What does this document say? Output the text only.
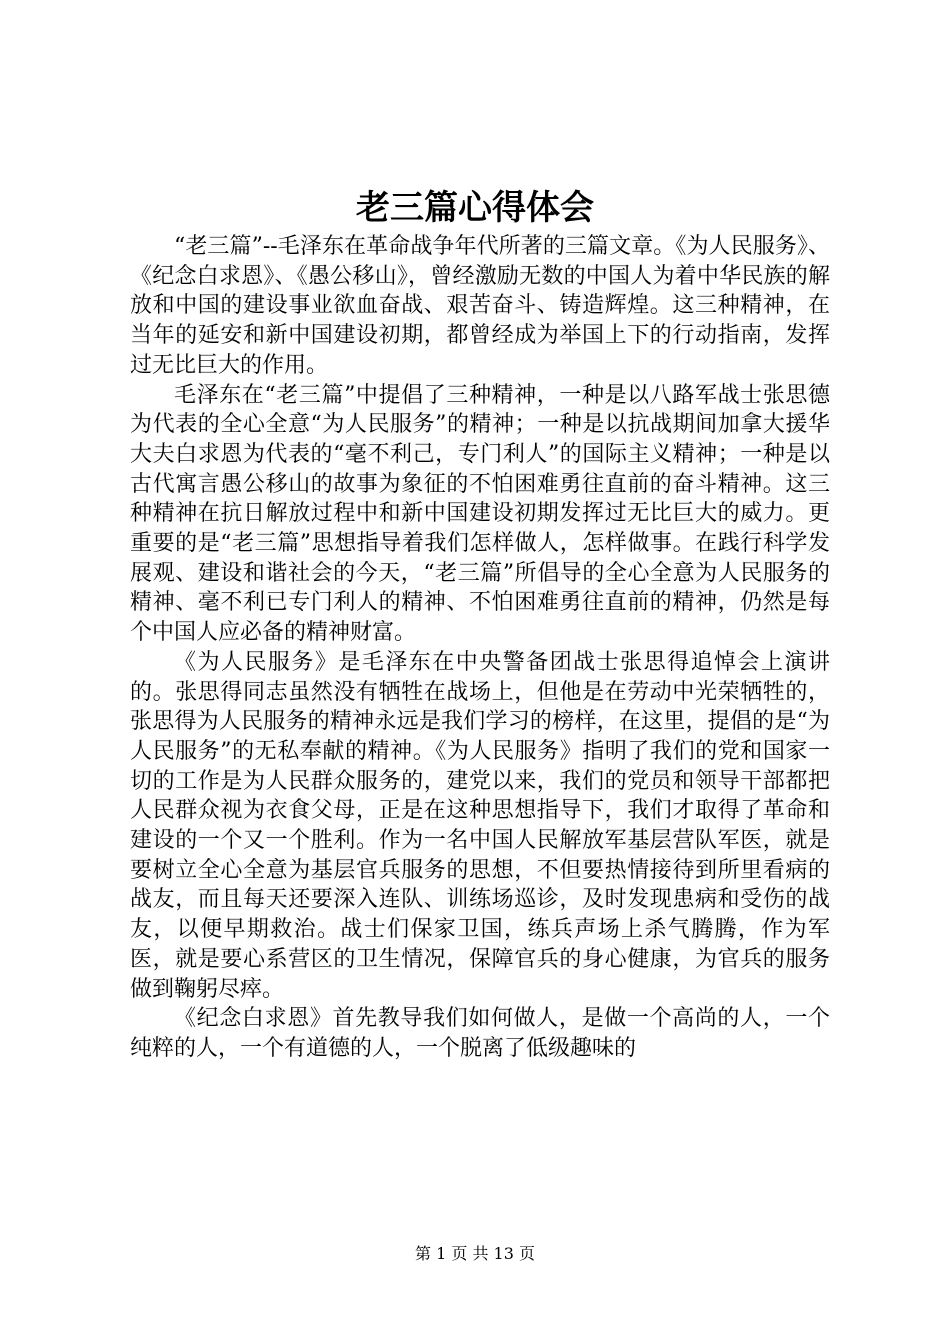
老三篇心得体会

“老三篇”--毛泽东在革命战争年代所著的三篇文章。《为人民服务》、《纪念白求恩》、《愚公移山》，曾经激励无数的中国人为着中华民族的解放和中国的建设事业欲血奋战、艰苦奋斗、铸造辉煌。这三种精神，在当年的延安和新中国建设初期，都曾经成为举国上下的行动指南，发挥过无比巨大的作用。

毛泽东在“老三篇”中提倡了三种精神，一种是以八路军战士张思德为代表的全心全意“为人民服务”的精神；一种是以抗战期间加拿大援华大夫白求恩为代表的“毫不利己，专门利人”的国际主义精神；一种是以古代寓言愚公移山的故事为象征的不怕困难勇往直前的奋斗精神。这三种精神在抗日解放过程中和新中国建设初期发挥过无比巨大的威力。更重要的是“老三篇”思想指导着我们怎样做人，怎样做事。在践行科学发展观、建设和谐社会的今天，“老三篇”所倡导的全心全意为人民服务的精神、毫不利已专门利人的精神、不怕困难勇往直前的精神，仍然是每个中国人应必备的精神财富。

《为人民服务》是毛泽东在中央警备团战士张思得追悼会上演讲的。张思得同志虽然没有牺牲在战场上，但他是在劳动中光荣牺牲的，张思得为人民服务的精神永远是我们学习的榜样，在这里，提倡的是“为人民服务”的无私奉献的精神。《为人民服务》指明了我们的党和国家一切的工作是为人民群众服务的，建党以来，我们的党员和领导干部都把人民群众视为衣食父母，正是在这种思想指导下，我们才取得了革命和建设的一个又一个胜利。作为一名中国人民解放军基层营队军医，就是要树立全心全意为基层官兵服务的思想，不但要热情接待到所里看病的战友，而且每天还要深入连队、训练场巡诊，及时发现患病和受伤的战友，以便早期救治。战士们保家卫国，练兵声场上杀气腾腾，作为军医，就是要心系营区的卫生情况，保障官兵的身心健康，为官兵的服务做到鞠躬尽瘁。

《纪念白求恩》首先教导我们如何做人，是做一个高尚的人，一个纯粹的人，一个有道德的人，一个脱离了低级趣味的

第 1 页 共 13 页
